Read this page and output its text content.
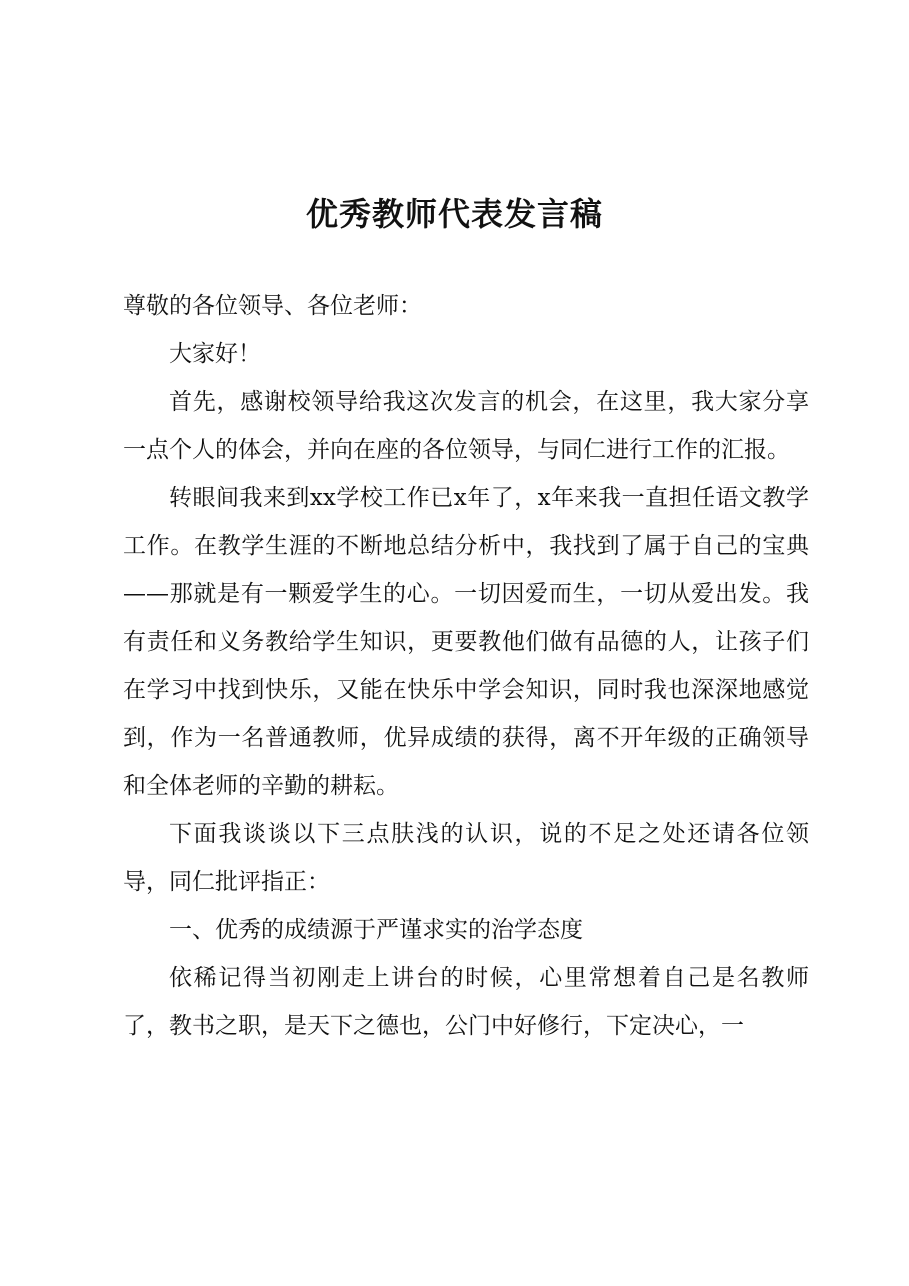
优秀教师代表发言稿

尊敬的各位领导、各位老师：

大家好！

首先，感谢校领导给我这次发言的机会，在这里，我大家分享一点个人的体会，并向在座的各位领导，与同仁进行工作的汇报。

转眼间我来到xx学校工作已x年了，x年来我一直担任语文教学工作。在教学生涯的不断地总结分析中，我找到了属于自己的宝典——那就是有一颗爱学生的心。一切因爱而生，一切从爱出发。我有责任和义务教给学生知识，更要教他们做有品德的人，让孩子们在学习中找到快乐，又能在快乐中学会知识，同时我也深深地感觉到，作为一名普通教师，优异成绩的获得，离不开年级的正确领导和全体老师的辛勤的耕耘。

下面我谈谈以下三点肤浅的认识，说的不足之处还请各位领导，同仁批评指正：

一、优秀的成绩源于严谨求实的治学态度

依稀记得当初刚走上讲台的时候，心里常想着自己是名教师了，教书之职，是天下之德也，公门中好修行，下定决心，一
